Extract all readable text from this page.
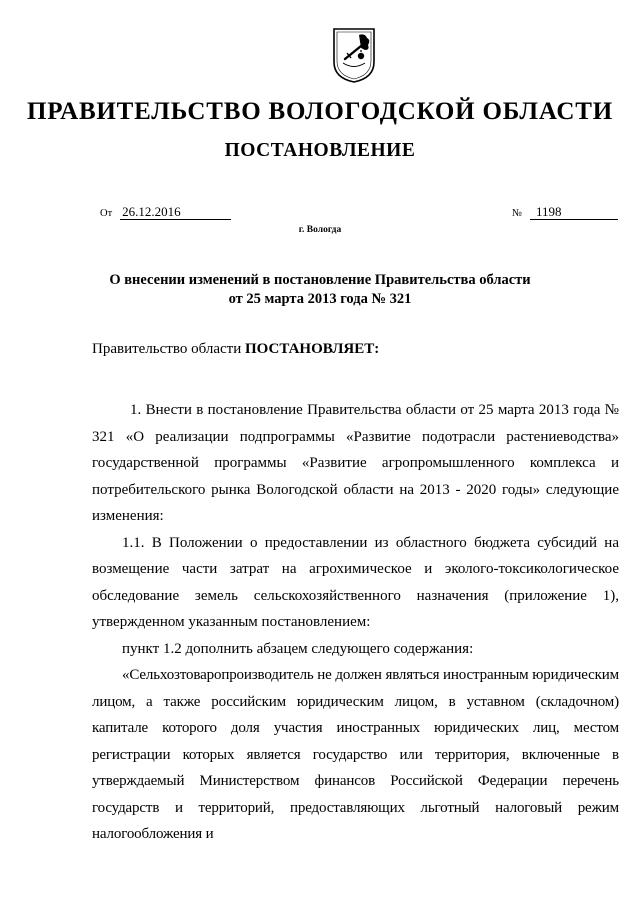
ПРАВИТЕЛЬСТВО ВОЛОГОДСКОЙ ОБЛАСТИ
ПОСТАНОВЛЕНИЕ
От 26.12.2016	№ 1198
г. Вологда
О внесении изменений в постановление Правительства области
от 25 марта 2013 года № 321
Правительство области ПОСТАНОВЛЯЕТ:

1. Внести в постановление Правительства области от 25 марта 2013 года № 321 «О реализации подпрограммы «Развитие подотрасли растениеводства» государственной программы «Развитие агропромышленного комплекса и потребительского рынка Вологодской области на 2013 - 2020 годы» следующие изменения:

1.1. В Положении о предоставлении из областного бюджета субсидий на возмещение части затрат на агрохимическое и эколого-токсикологическое обследование земель сельскохозяйственного назначения (приложение 1), утвержденном указанным постановлением:

пункт 1.2 дополнить абзацем следующего содержания:

«Сельхозтоваропроизводитель не должен являться иностранным юридическим лицом, а также российским юридическим лицом, в уставном (складочном) капитале которого доля участия иностранных юридических лиц, местом регистрации которых является государство или территория, включенные в утверждаемый Министерством финансов Российской Федерации перечень государств и территорий, предоставляющих льготный налоговый режим налогообложения и
